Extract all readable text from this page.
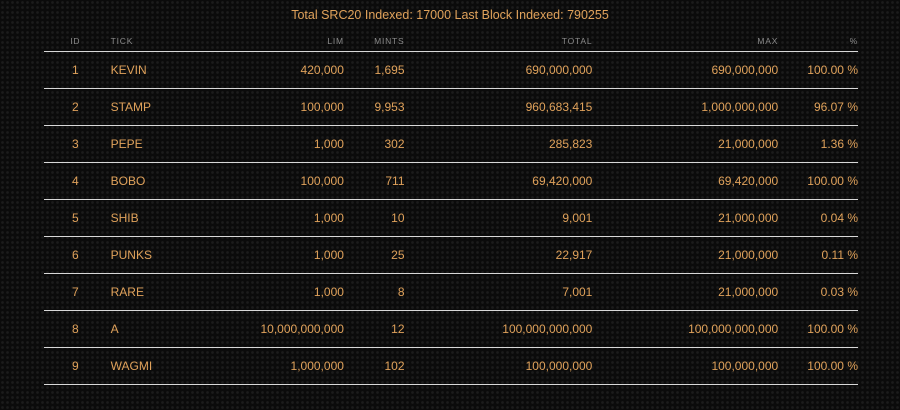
Total SRC20 Indexed: 17000 Last Block Indexed: 790255
ID	TICK	LIM	MINTS	TOTAL	MAX	%
1	KEVIN	420,000	1,695	690,000,000	690,000,000	100.00 %
2	STAMP	100,000	9,953	960,683,415	1,000,000,000	96.07 %
3	PEPE	1,000	302	285,823	21,000,000	1.36 %
4	BOBO	100,000	711	69,420,000	69,420,000	100.00 %
5	SHIB	1,000	10	9,001	21,000,000	0.04 %
6	PUNKS	1,000	25	22,917	21,000,000	0.11 %
7	RARE	1,000	8	7,001	21,000,000	0.03 %
8	A	10,000,000,000	12	100,000,000,000	100,000,000,000	100.00 %
9	WAGMI	1,000,000	102	100,000,000	100,000,000	100.00 %
